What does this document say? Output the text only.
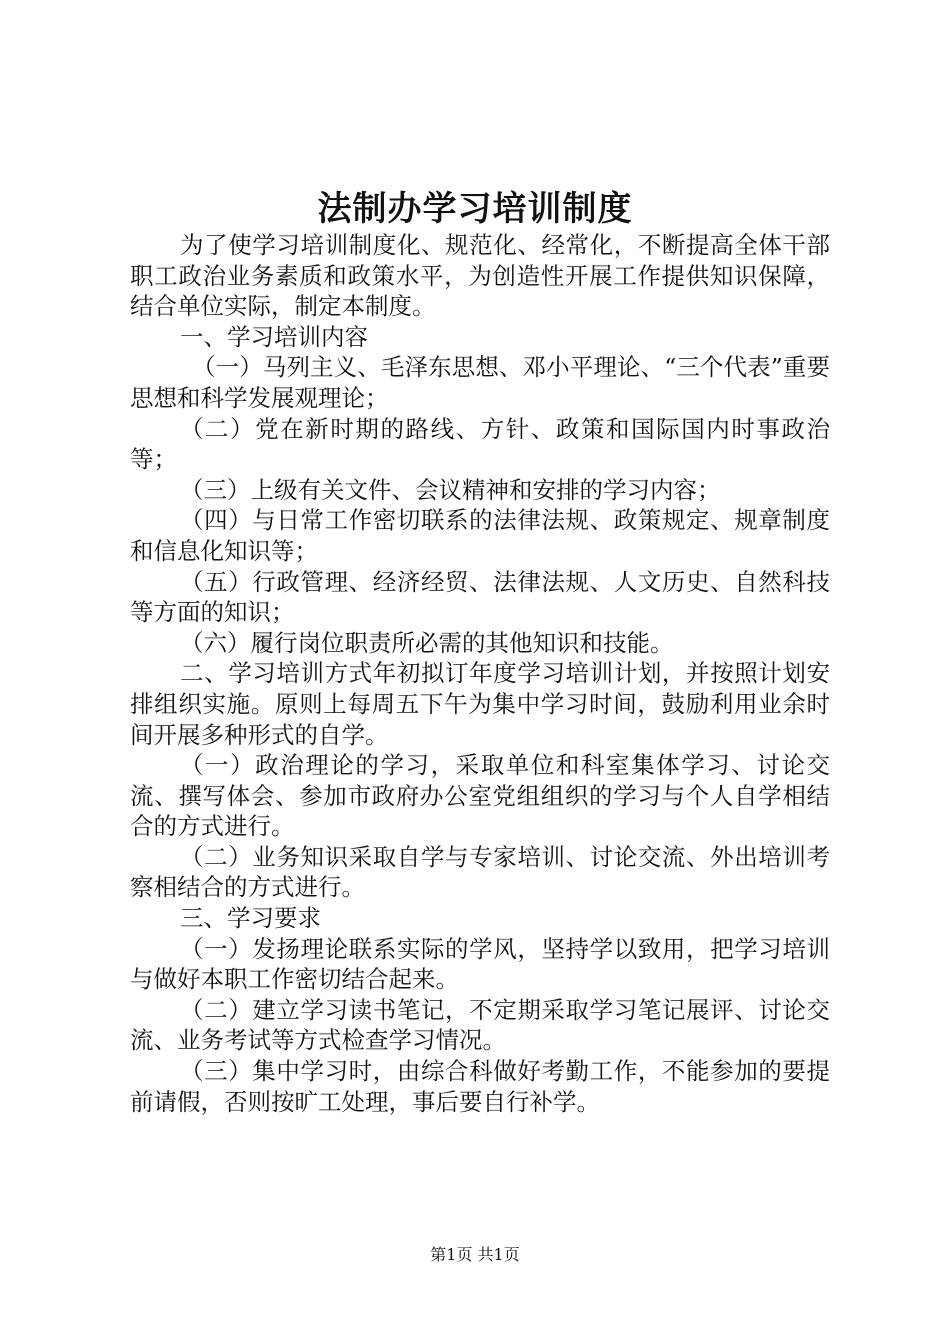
法制办学习培训制度

为了使学习培训制度化、规范化、经常化，不断提高全体干部职工政治业务素质和政策水平，为创造性开展工作提供知识保障，结合单位实际，制定本制度。

一、学习培训内容

（一）马列主义、毛泽东思想、邓小平理论、“三个代表”重要思想和科学发展观理论；

（二）党在新时期的路线、方针、政策和国际国内时事政治等；

（三）上级有关文件、会议精神和安排的学习内容；

（四）与日常工作密切联系的法律法规、政策规定、规章制度和信息化知识等；

（五）行政管理、经济经贸、法律法规、人文历史、自然科技等方面的知识；

（六）履行岗位职责所必需的其他知识和技能。

二、学习培训方式年初拟订年度学习培训计划，并按照计划安排组织实施。原则上每周五下午为集中学习时间，鼓励利用业余时间开展多种形式的自学。

（一）政治理论的学习，采取单位和科室集体学习、讨论交流、撰写体会、参加市政府办公室党组组织的学习与个人自学相结合的方式进行。

（二）业务知识采取自学与专家培训、讨论交流、外出培训考察相结合的方式进行。

三、学习要求

（一）发扬理论联系实际的学风，坚持学以致用，把学习培训与做好本职工作密切结合起来。

（二）建立学习读书笔记，不定期采取学习笔记展评、讨论交流、业务考试等方式检查学习情况。

（三）集中学习时，由综合科做好考勤工作，不能参加的要提前请假，否则按旷工处理，事后要自行补学。

第1页 共1页
